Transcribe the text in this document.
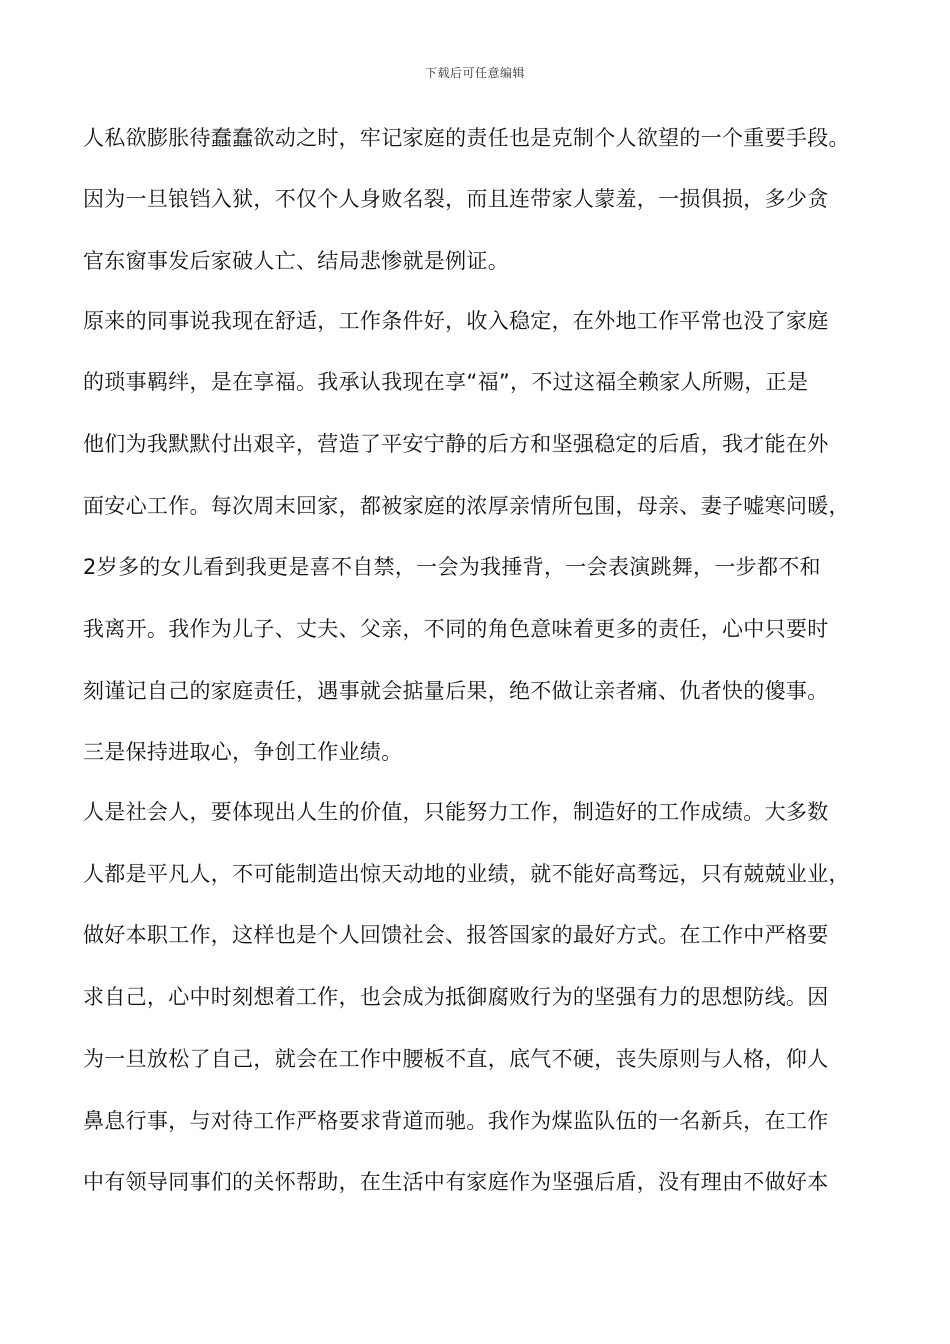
下载后可任意编辑
人私欲膨胀待蠢蠢欲动之时，牢记家庭的责任也是克制个人欲望的一个重要手段。
因为一旦锒铛入狱，不仅个人身败名裂，而且连带家人蒙羞，一损俱损，多少贪
官东窗事发后家破人亡、结局悲惨就是例证。
原来的同事说我现在舒适，工作条件好，收入稳定，在外地工作平常也没了家庭
的琐事羁绊，是在享福。我承认我现在享“福”，不过这福全赖家人所赐，正是
他们为我默默付出艰辛，营造了平安宁静的后方和坚强稳定的后盾，我才能在外
面安心工作。每次周末回家，都被家庭的浓厚亲情所包围，母亲、妻子嘘寒问暖，
2岁多的女儿看到我更是喜不自禁，一会为我捶背，一会表演跳舞，一步都不和
我离开。我作为儿子、丈夫、父亲，不同的角色意味着更多的责任，心中只要时
刻谨记自己的家庭责任，遇事就会掂量后果，绝不做让亲者痛、仇者快的傻事。
三是保持进取心，争创工作业绩。
人是社会人，要体现出人生的价值，只能努力工作，制造好的工作成绩。大多数
人都是平凡人，不可能制造出惊天动地的业绩，就不能好高骛远，只有兢兢业业，
做好本职工作，这样也是个人回馈社会、报答国家的最好方式。在工作中严格要
求自己，心中时刻想着工作，也会成为抵御腐败行为的坚强有力的思想防线。因
为一旦放松了自己，就会在工作中腰板不直，底气不硬，丧失原则与人格，仰人
鼻息行事，与对待工作严格要求背道而驰。我作为煤监队伍的一名新兵，在工作
中有领导同事们的关怀帮助，在生活中有家庭作为坚强后盾，没有理由不做好本
